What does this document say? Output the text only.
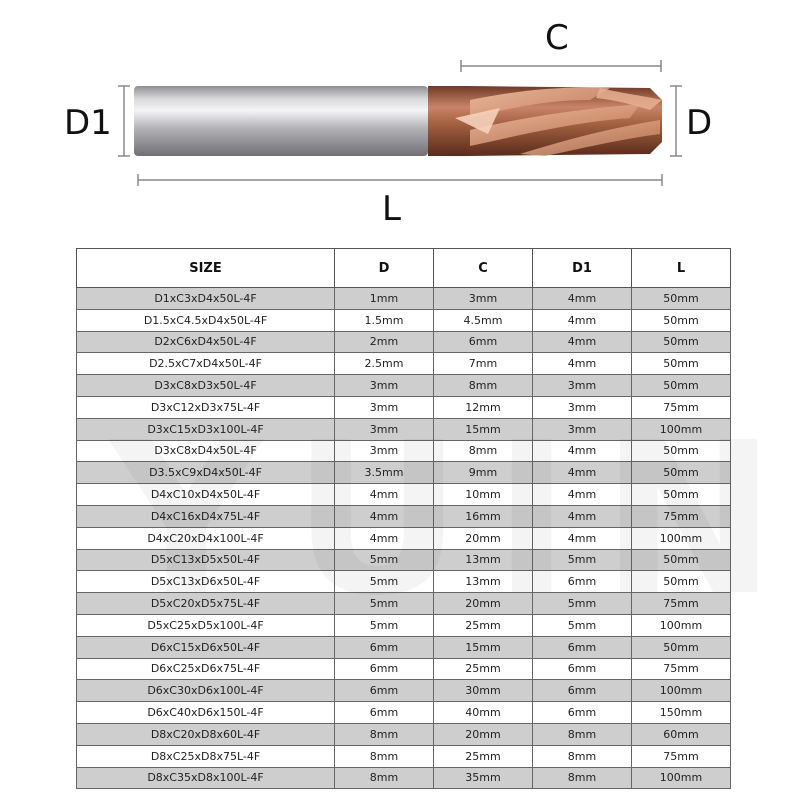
D1
C
D
L
SIZE	D	C	D1	L
D1xC3xD4x50L-4F	1mm	3mm	4mm	50mm
D1.5xC4.5xD4x50L-4F	1.5mm	4.5mm	4mm	50mm
D2xC6xD4x50L-4F	2mm	6mm	4mm	50mm
D2.5xC7xD4x50L-4F	2.5mm	7mm	4mm	50mm
D3xC8xD3x50L-4F	3mm	8mm	3mm	50mm
D3xC12xD3x75L-4F	3mm	12mm	3mm	75mm
D3xC15xD3x100L-4F	3mm	15mm	3mm	100mm
D3xC8xD4x50L-4F	3mm	8mm	4mm	50mm
D3.5xC9xD4x50L-4F	3.5mm	9mm	4mm	50mm
D4xC10xD4x50L-4F	4mm	10mm	4mm	50mm
D4xC16xD4x75L-4F	4mm	16mm	4mm	75mm
D4xC20xD4x100L-4F	4mm	20mm	4mm	100mm
D5xC13xD5x50L-4F	5mm	13mm	5mm	50mm
D5xC13xD6x50L-4F	5mm	13mm	6mm	50mm
D5xC20xD5x75L-4F	5mm	20mm	5mm	75mm
D5xC25xD5x100L-4F	5mm	25mm	5mm	100mm
D6xC15xD6x50L-4F	6mm	15mm	6mm	50mm
D6xC25xD6x75L-4F	6mm	25mm	6mm	75mm
D6xC30xD6x100L-4F	6mm	30mm	6mm	100mm
D6xC40xD6x150L-4F	6mm	40mm	6mm	150mm
D8xC20xD8x60L-4F	8mm	20mm	8mm	60mm
D8xC25xD8x75L-4F	8mm	25mm	8mm	75mm
D8xC35xD8x100L-4F	8mm	35mm	8mm	100mm
